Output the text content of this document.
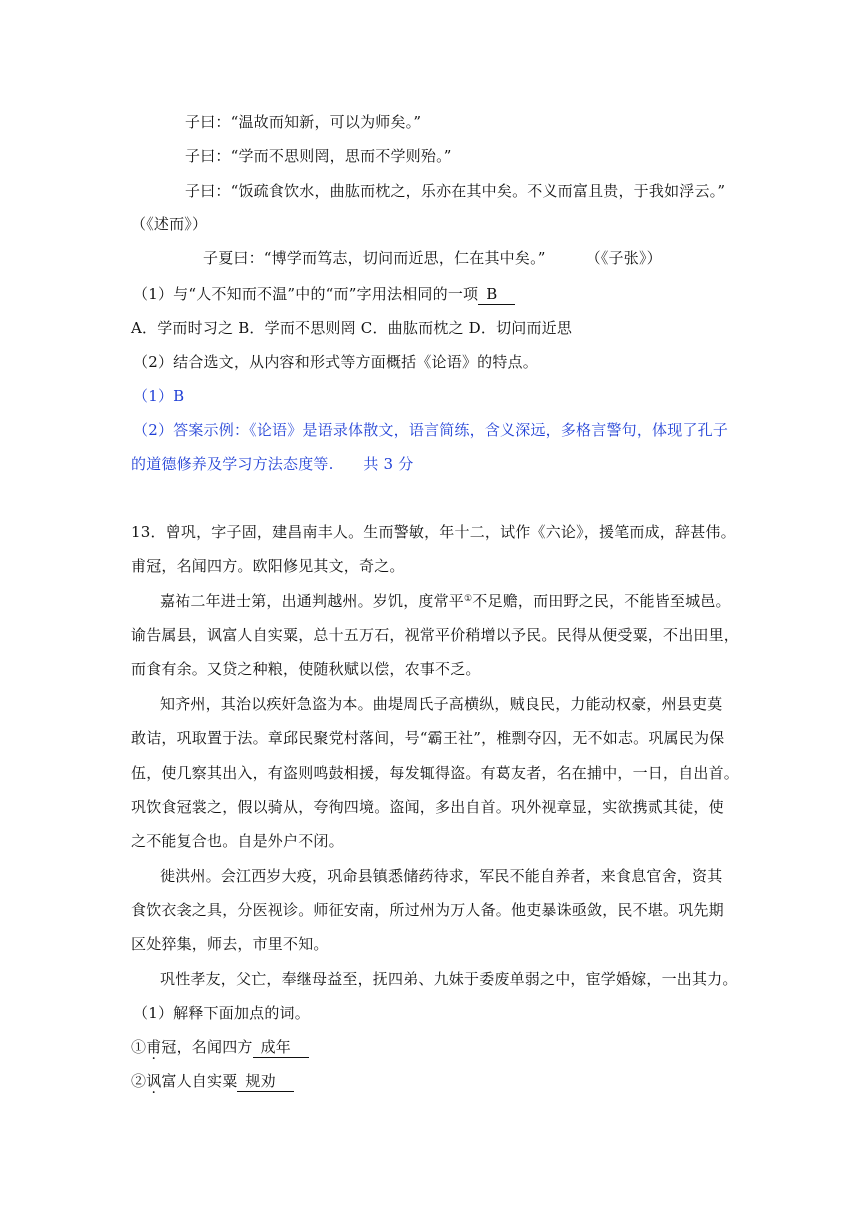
子曰：“温故而知新，可以为师矣。”
子曰：“学而不思则罔，思而不学则殆。”
子曰：“饭疏食饮水，曲肱而枕之，乐亦在其中矣。不义而富且贵，于我如浮云。”
（《述而》）
子夏曰：“博学而笃志，切问而近思，仁在其中矣。”	（《子张》）
（1）与“人不知而不温”中的“而”字用法相同的一项 B
A．学而时习之 B．学而不思则罔 C．曲肱而枕之 D．切问而近思
（2）结合选文，从内容和形式等方面概括《论语》的特点。
（1）B
（2）答案示例：《论语》是语录体散文，语言简练，含义深远，多格言警句，体现了孔子
的道德修养及学习方法态度等.      共 3 分
13．曾巩，字子固，建昌南丰人。生而警敏，年十二，试作《六论》，援笔而成，辞甚伟。
甫冠，名闻四方。欧阳修见其文，奇之。
嘉祐二年进士第，出通判越州。岁饥，度常平①不足赡，而田野之民，不能皆至城邑。
谕告属县，讽富人自实粟，总十五万石，视常平价稍增以予民。民得从便受粟，不出田里，
而食有余。又贷之种粮，使随秋赋以偿，农事不乏。
知齐州，其治以疾奸急盗为本。曲堤周氏子高横纵，贼良民，力能动权豪，州县吏莫
敢诘，巩取置于法。章邱民聚党村落间，号“霸王社”，椎剽夺囚，无不如志。巩属民为保
伍，使几察其出入，有盗则鸣鼓相援，每发辄得盗。有葛友者，名在捕中，一日，自出首。
巩饮食冠裳之，假以骑从，夸徇四境。盗闻，多出自首。巩外视章显，实欲携贰其徒，使
之不能复合也。自是外户不闭。
徙洪州。会江西岁大疫，巩命县镇悉储药待求，军民不能自养者，来食息官舍，资其
食饮衣衾之具，分医视诊。师征安南，所过州为万人备。他吏暴诛亟敛，民不堪。巩先期
区处猝集，师去，市里不知。
巩性孝友，父亡，奉继母益至，抚四弟、九妹于委废单弱之中，宦学婚嫁，一出其力。
（1）解释下面加点的词。
①甫冠，名闻四方 成年
②讽富人自实粟 规劝
